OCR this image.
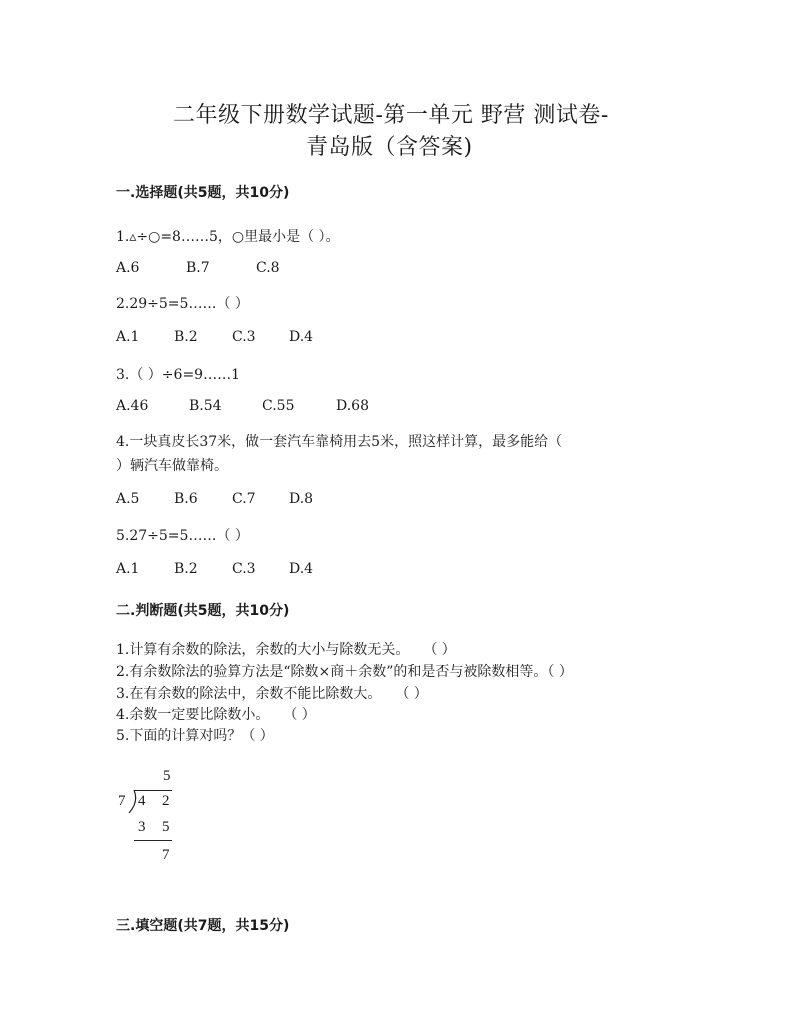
二年级下册数学试题-第一单元 野营 测试卷-
青岛版（含答案)
一.选择题(共5题，共10分)
1.▵÷○=8……5，○里最小是（ ）。
A.6	B.7	C.8
2.29÷5=5……（ ）
A.1 B.2 C.3 D.4
3.（ ）÷6=9……1
A.46	B.54	C.55	D.68
4.一块真皮长37米，做一套汽车靠椅用去5米，照这样计算，最多能给（
）辆汽车做靠椅。
A.5 B.6 C.7 D.8
5.27÷5=5……（ ）
A.1 B.2 C.3 D.4
二.判断题(共5题，共10分)
1.计算有余数的除法，余数的大小与除数无关。　　（ ）
2.有余数除法的验算方法是“除数×商＋余数”的和是否与被除数相等。（ ）
3.在有余数的除法中，余数不能比除数大。　　（ ）
4.余数一定要比除数小。　　（ ）
5.下面的计算对吗？（ ）
5
7 4 2
3 5
7
三.填空题(共7题，共15分)
